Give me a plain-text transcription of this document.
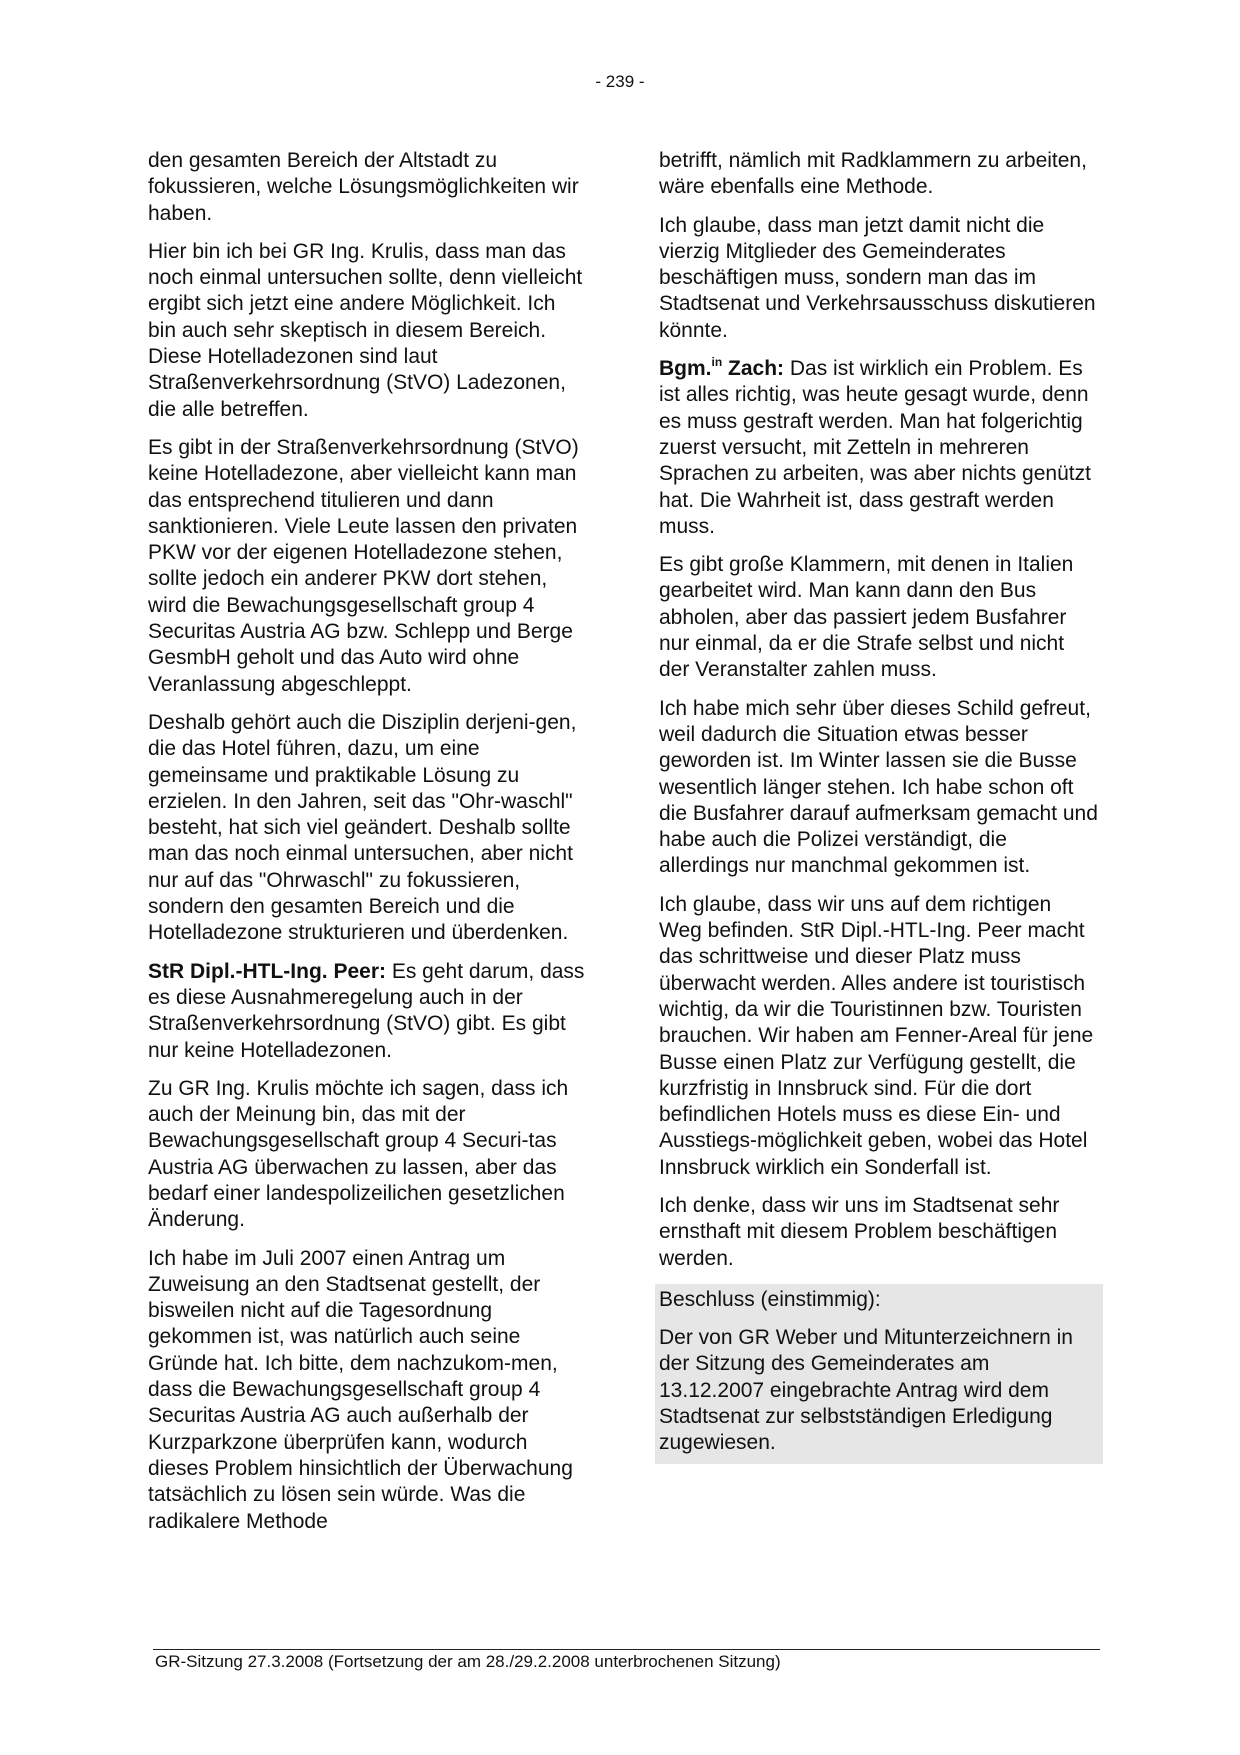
- 239 -

den gesamten Bereich der Altstadt zu fokussieren, welche Lösungsmöglichkeiten wir haben.

Hier bin ich bei GR Ing. Krulis, dass man das noch einmal untersuchen sollte, denn vielleicht ergibt sich jetzt eine andere Möglichkeit. Ich bin auch sehr skeptisch in diesem Bereich. Diese Hotelladezonen sind laut Straßenverkehrsordnung (StVO) Ladezonen, die alle betreffen.

Es gibt in der Straßenverkehrsordnung (StVO) keine Hotelladezone, aber vielleicht kann man das entsprechend titulieren und dann sanktionieren. Viele Leute lassen den privaten PKW vor der eigenen Hotelladezone stehen, sollte jedoch ein anderer PKW dort stehen, wird die Bewachungsgesellschaft group 4 Securitas Austria AG bzw. Schlepp und Berge GesmbH geholt und das Auto wird ohne Veranlassung abgeschleppt.

Deshalb gehört auch die Disziplin derjeni-gen, die das Hotel führen, dazu, um eine gemeinsame und praktikable Lösung zu erzielen. In den Jahren, seit das "Ohr-waschl" besteht, hat sich viel geändert. Deshalb sollte man das noch einmal untersuchen, aber nicht nur auf das "Ohrwaschl" zu fokussieren, sondern den gesamten Bereich und die Hotelladezone strukturieren und überdenken.

StR Dipl.-HTL-Ing. Peer: Es geht darum, dass es diese Ausnahmeregelung auch in der Straßenverkehrsordnung (StVO) gibt. Es gibt nur keine Hotelladezonen.

Zu GR Ing. Krulis möchte ich sagen, dass ich auch der Meinung bin, das mit der Bewachungsgesellschaft group 4 Securi-tas Austria AG überwachen zu lassen, aber das bedarf einer landespolizeilichen gesetzlichen Änderung.

Ich habe im Juli 2007 einen Antrag um Zuweisung an den Stadtsenat gestellt, der bisweilen nicht auf die Tagesordnung gekommen ist, was natürlich auch seine Gründe hat. Ich bitte, dem nachzukom-men, dass die Bewachungsgesellschaft group 4 Securitas Austria AG auch außerhalb der Kurzparkzone überprüfen kann, wodurch dieses Problem hinsichtlich der Überwachung tatsächlich zu lösen sein würde. Was die radikalere Methode

betrifft, nämlich mit Radklammern zu arbeiten, wäre ebenfalls eine Methode.

Ich glaube, dass man jetzt damit nicht die vierzig Mitglieder des Gemeinderates beschäftigen muss, sondern man das im Stadtsenat und Verkehrsausschuss diskutieren könnte.

Bgm.$^{in}$ Zach: Das ist wirklich ein Problem. Es ist alles richtig, was heute gesagt wurde, denn es muss gestraft werden. Man hat folgerichtig zuerst versucht, mit Zetteln in mehreren Sprachen zu arbeiten, was aber nichts genützt hat. Die Wahrheit ist, dass gestraft werden muss.

Es gibt große Klammern, mit denen in Italien gearbeitet wird. Man kann dann den Bus abholen, aber das passiert jedem Busfahrer nur einmal, da er die Strafe selbst und nicht der Veranstalter zahlen muss.

Ich habe mich sehr über dieses Schild gefreut, weil dadurch die Situation etwas besser geworden ist. Im Winter lassen sie die Busse wesentlich länger stehen. Ich habe schon oft die Busfahrer darauf aufmerksam gemacht und habe auch die Polizei verständigt, die allerdings nur manchmal gekommen ist.

Ich glaube, dass wir uns auf dem richtigen Weg befinden. StR Dipl.-HTL-Ing. Peer macht das schrittweise und dieser Platz muss überwacht werden. Alles andere ist touristisch wichtig, da wir die Touristinnen bzw. Touristen brauchen. Wir haben am Fenner-Areal für jene Busse einen Platz zur Verfügung gestellt, die kurzfristig in Innsbruck sind. Für die dort befindlichen Hotels muss es diese Ein- und Ausstiegs-möglichkeit geben, wobei das Hotel Innsbruck wirklich ein Sonderfall ist.

Ich denke, dass wir uns im Stadtsenat sehr ernsthaft mit diesem Problem beschäftigen werden.

Beschluss (einstimmig):

Der von GR Weber und Mitunterzeichnern in der Sitzung des Gemeinderates am 13.12.2007 eingebrachte Antrag wird dem Stadtsenat zur selbstständigen Erledigung zugewiesen.

GR-Sitzung 27.3.2008 (Fortsetzung der am 28./29.2.2008 unterbrochenen Sitzung)
